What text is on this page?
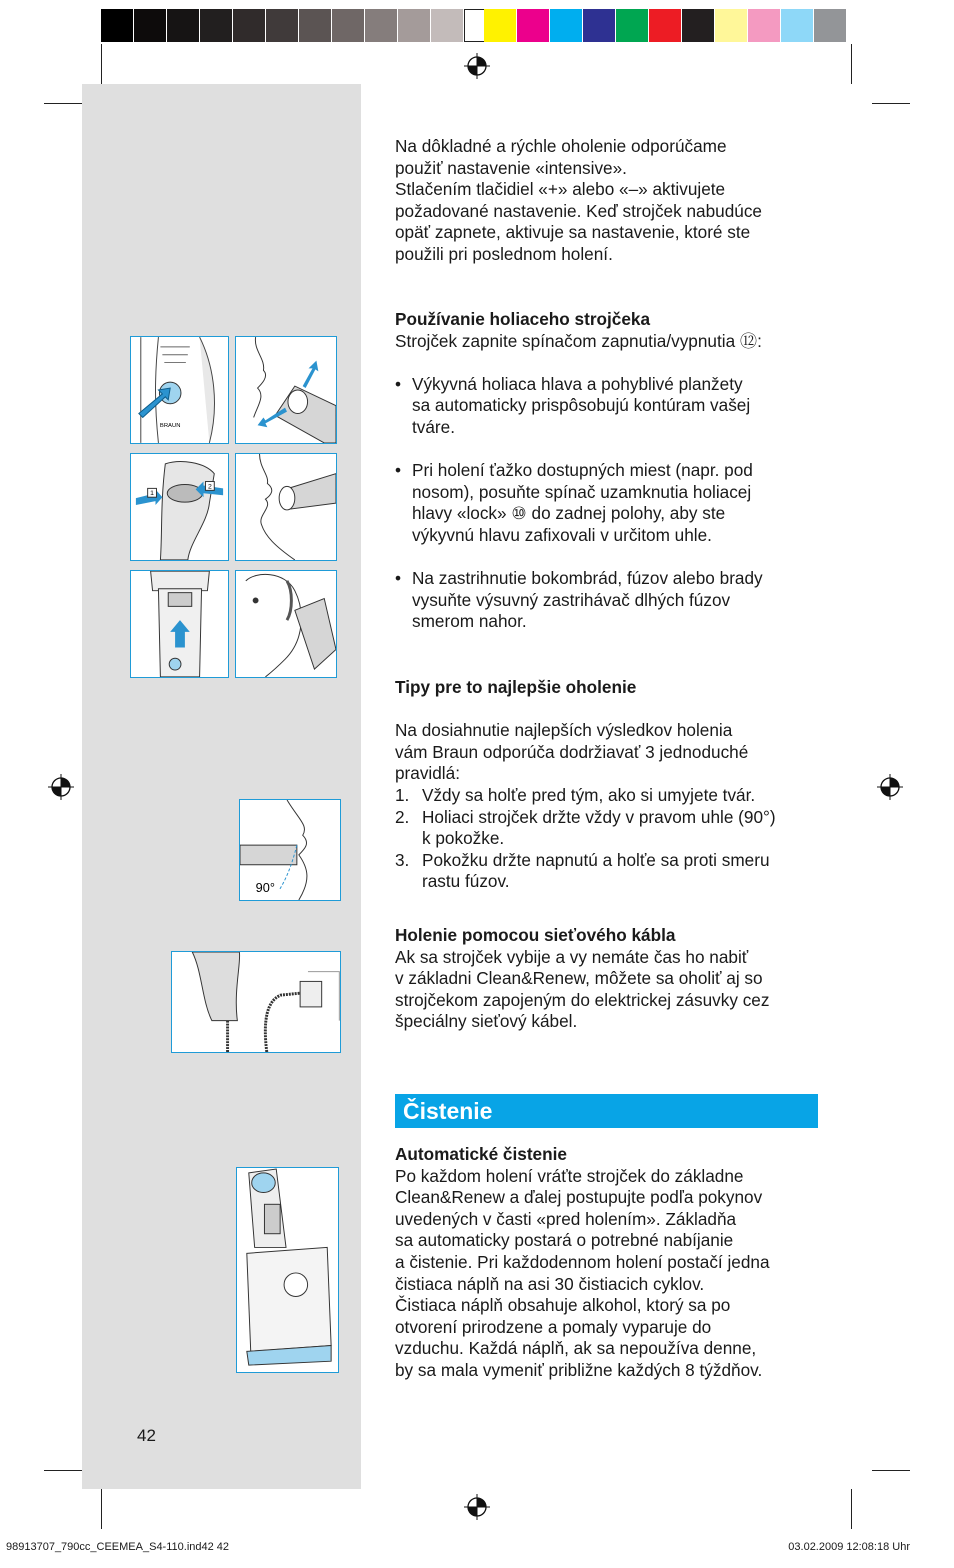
BRAUN
1
2
90°

Na dôkladné a rýchle oholenie odporúčame

použiť nastavenie «intensive».

Stlačením tlačidiel «+» alebo «–» aktivujete

požadované nastavenie. Keď strojček nabudúce

opäť zapnete, aktivuje sa nastavenie, ktoré ste

použili pri poslednom holení.

Používanie holiaceho strojčeka

Strojček zapnite spínačom zapnutia/vypnutia ⑫:

• Výkyvná holiaca hlava a pohyblivé planžety

sa automaticky prispôsobujú kontúram vašej

tváre.

• Pri holení ťažko dostupných miest (napr. pod

nosom), posuňte spínač uzamknutia holiacej

hlavy «lock» ⑩ do zadnej polohy, aby ste

výkyvnú hlavu zafixovali v určitom uhle.

• Na zastrihnutie bokombrád, fúzov alebo brady

vysuňte výsuvný zastrihávač dlhých fúzov

smerom nahor.

Tipy pre to najlepšie oholenie

Na dosiahnutie najlepších výsledkov holenia

vám Braun odporúča dodržiavať 3 jednoduché

pravidlá:

1. Vždy sa holťe pred tým, ako si umyjete tvár.

2. Holiaci strojček držte vždy v pravom uhle (90°)

k pokožke.

3. Pokožku držte napnutú a holťe sa proti smeru

rastu fúzov.

Holenie pomocou sieťového kábla

Ak sa strojček vybije a vy nemáte čas ho nabiť

v základni Clean&Renew, môžete sa oholiť aj so

strojčekom zapojeným do elektrickej zásuvky cez

špeciálny sieťový kábel.

Čistenie

Automatické čistenie

Po každom holení vráťte strojček do základne

Clean&Renew a ďalej postupujte podľa pokynov

uvedených v časti «pred holením». Základňa

sa automaticky postará o potrebné nabíjanie

a čistenie. Pri každodennom holení postačí jedna

čistiaca náplň na asi 30 čistiacich cyklov.

Čistiaca náplň obsahuje alkohol, ktorý sa po

otvorení prirodzene a pomaly vyparuje do

vzduchu. Každá náplň, ak sa nepoužíva denne,

by sa mala vymeniť približne každých 8 týždňov.

42
98913707_790cc_CEEMEA_S4-110.ind42 42	03.02.2009 12:08:18 Uhr
